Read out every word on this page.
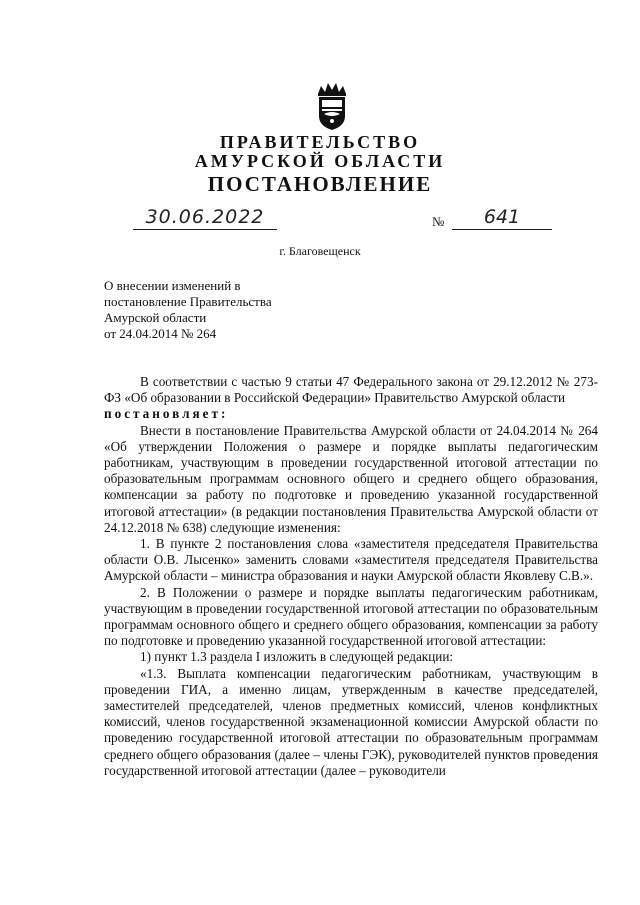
ПРАВИТЕЛЬСТВО
АМУРСКОЙ ОБЛАСТИ
ПОСТАНОВЛЕНИЕ
30.06.2022	№	641
г. Благовещенск
О внесении изменений в
постановление Правительства
Амурской области
от 24.04.2014 № 264

В соответствии с частью 9 статьи 47 Федерального закона от 29.12.2012 № 273-ФЗ «Об образовании в Российской Федерации» Правительство Амурской области

постановляет:

Внести в постановление Правительства Амурской области от 24.04.2014 № 264 «Об утверждении Положения о размере и порядке выплаты педагогическим работникам, участвующим в проведении государственной итоговой аттестации по образовательным программам основного общего и среднего общего образования, компенсации за работу по подготовке и проведению указанной государственной итоговой аттестации» (в редакции постановления Правительства Амурской области от 24.12.2018 № 638) следующие изменения:

1. В пункте 2 постановления слова «заместителя председателя Правительства области О.В. Лысенко» заменить словами «заместителя председателя Правительства Амурской области – министра образования и науки Амурской области Яковлеву С.В.».

2. В Положении о размере и порядке выплаты педагогическим работникам, участвующим в проведении государственной итоговой аттестации по образовательным программам основного общего и среднего общего образования, компенсации за работу по подготовке и проведению указанной государственной итоговой аттестации:

1) пункт 1.3 раздела I изложить в следующей редакции:

«1.3. Выплата компенсации педагогическим работникам, участвующим в проведении ГИА, а именно лицам, утвержденным в качестве председателей, заместителей председателей, членов предметных комиссий, членов конфликтных комиссий, членов государственной экзаменационной комиссии Амурской области по проведению государственной итоговой аттестации по образовательным программам среднего общего образования (далее – члены ГЭК), руководителей пунктов проведения государственной итоговой аттестации (далее – руководители
